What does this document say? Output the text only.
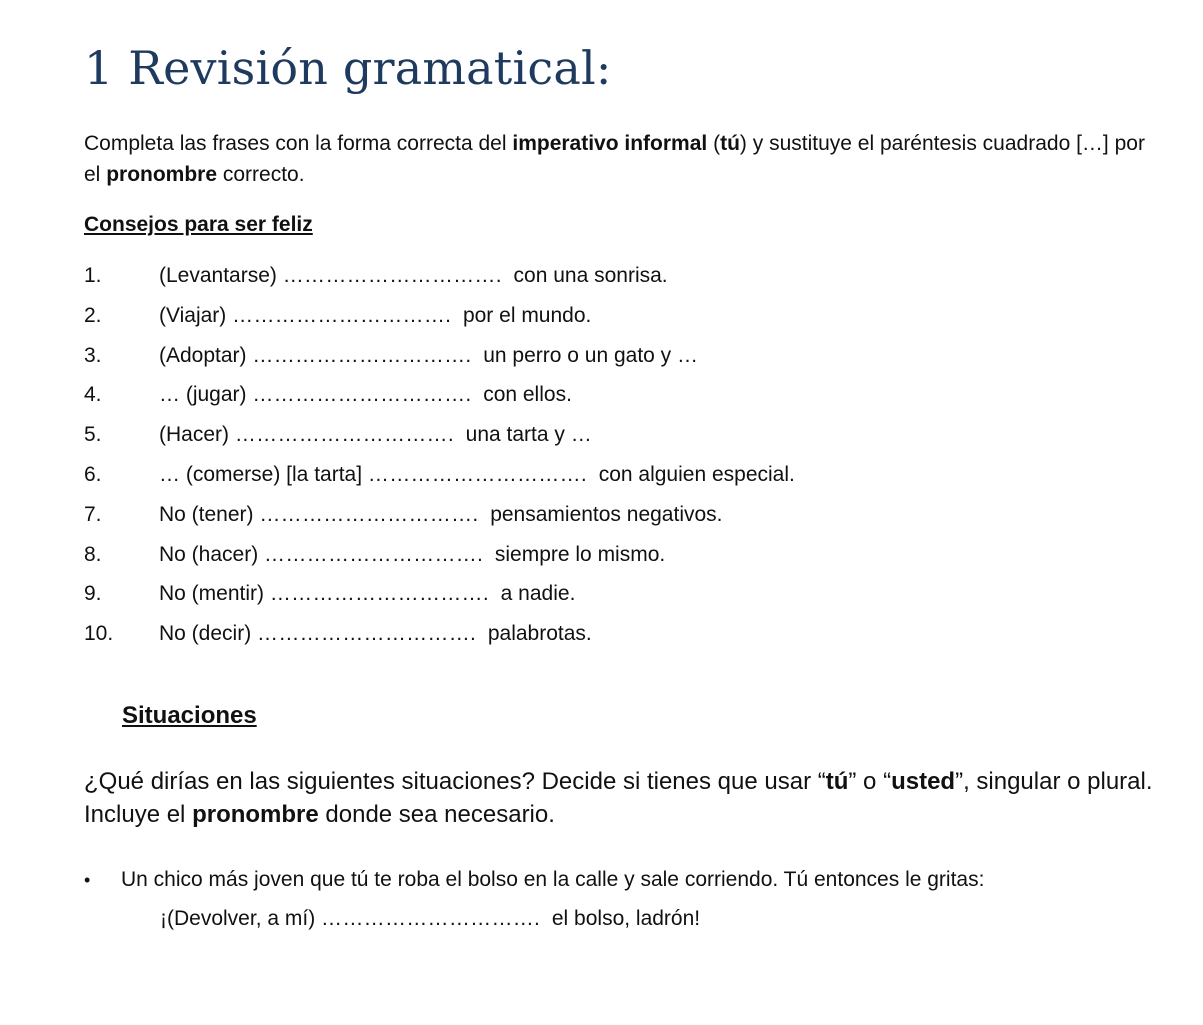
1 Revisión gramatical:

Completa las frases con la forma correcta del imperativo informal (tú) y sustituye el paréntesis cuadrado […] por el pronombre correcto.

Consejos para ser feliz
1.	(Levantarse) …………………………. con una sonrisa.
2.	(Viajar) …………………………. por el mundo.
3.	(Adoptar) …………………………. un perro o un gato y …
4.	… (jugar) …………………………. con ellos.
5.	(Hacer) …………………………. una tarta y …
6.	… (comerse) [la tarta] …………………………. con alguien especial.
7.	No (tener) …………………………. pensamientos negativos.
8.	No (hacer) …………………………. siempre lo mismo.
9.	No (mentir) …………………………. a nadie.
10. No (decir) …………………………. palabrotas.
Situaciones

¿Qué dirías en las siguientes situaciones? Decide si tienes que usar “tú” o “usted”, singular o plural. Incluye el pronombre donde sea necesario.

• Un chico más joven que tú te roba el bolso en la calle y sale corriendo. Tú entonces le gritas:
¡(Devolver, a mí) …………………………. el bolso, ladrón!
